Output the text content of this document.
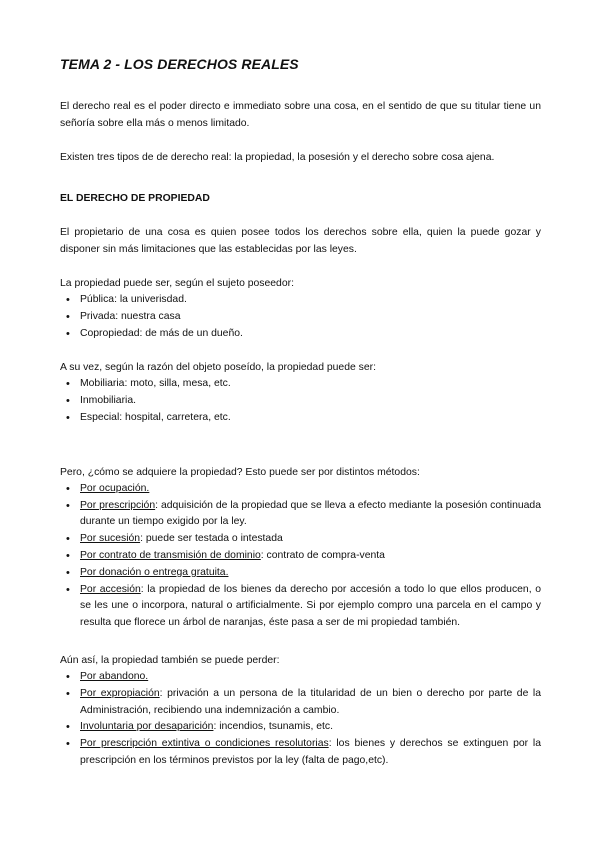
TEMA 2 - LOS DERECHOS REALES

El derecho real es el poder directo e immediato sobre una cosa, en el sentido de que su titular tiene un señoría sobre ella más o menos limitado.

Existen tres tipos de de derecho real: la propiedad, la posesión y el derecho sobre cosa ajena.

EL DERECHO DE PROPIEDAD

El propietario de una cosa es quien posee todos los derechos sobre ella, quien la puede gozar y disponer sin más limitaciones que las establecidas por las leyes.

La propiedad puede ser, según el sujeto poseedor:

• Pública: la univerisdad.
• Privada: nuestra casa
• Copropiedad: de más de un dueño.

A su vez, según la razón del objeto poseído, la propiedad puede ser:

• Mobiliaria: moto, silla, mesa, etc.
• Inmobiliaria.
• Especial: hospital, carretera, etc.

Pero, ¿cómo se adquiere la propiedad? Esto puede ser por distintos métodos:

• Por ocupación.
• Por prescripción: adquisición de la propiedad que se lleva a efecto mediante la posesión continuada durante un tiempo exigido por la ley.
• Por sucesión: puede ser testada o intestada
• Por contrato de transmisión de dominio: contrato de compra-venta
• Por donación o entrega gratuita.
• Por accesión: la propiedad de los bienes da derecho por accesión a todo lo que ellos producen, o se les une o incorpora, natural o artificialmente. Si por ejemplo compro una parcela en el campo y resulta que florece un árbol de naranjas, éste pasa a ser de mi propiedad también.

Aún así, la propiedad también se puede perder:

• Por abandono.
• Por expropiación: privación a un persona de la titularidad de un bien o derecho por parte de la Administración, recibiendo una indemnización a cambio.
• Involuntaria por desaparición: incendios, tsunamis, etc.
• Por prescripción extintiva o condiciones resolutorias: los bienes y derechos se extinguen por la prescripción en los términos previstos por la ley (falta de pago,etc).
